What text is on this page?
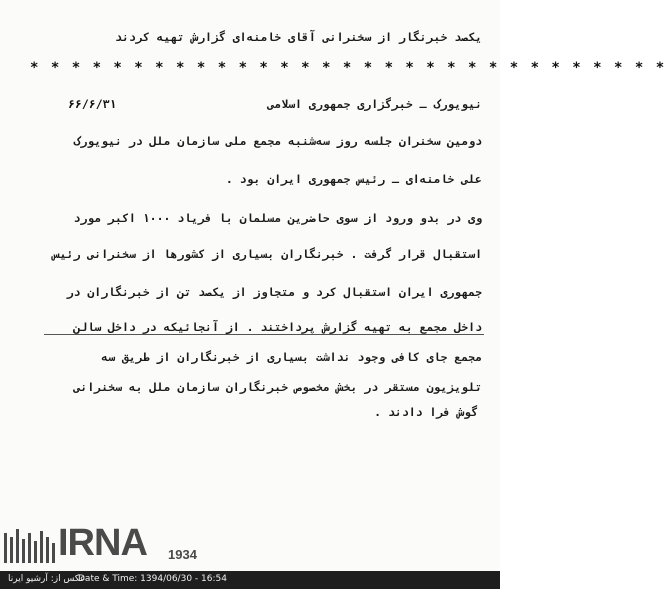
یکصد خبرنگار از سخنرانی آقای خامنه‌ای گزارش تهیه کردند
* * * * * * * * * * * * * * * * * * * * * * * * * * * * * * *
نیویورک ـ خبرگزاری جمهوری اسلامی
۶۶/۶/۳۱
دومین سخنران جلسه روز سه‌شنبه مجمع ملی سازمان ملل در نیویورک
علی خامنه‌ای ـ رئیس جمهوری ایران بود .
وی در بدو ورود از سوی حاضرین مسلمان با فریاد ۱۰۰۰ اکبر مورد
استقبال قرار گرفت . خبرنگاران بسیاری از کشورها از سخنرانی رئیس
جمهوری ایران استقبال کرد و متجاوز از یکصد تن از خبرنگاران در
داخل مجمع به تهیه گزارش پرداختند . از آنجائیکه در داخل سالن
مجمع جای کافی وجود نداشت بسیاری از خبرنگاران از طریق سه
تلویزیون مستقر در بخش مخصوص خبرنگاران سازمان ملل به سخنرانی
گوش فرا دادند .
IRNA 1934
عکس از: آرشیو ایرنا
Date & Time: 1394/06/30 - 16:54
